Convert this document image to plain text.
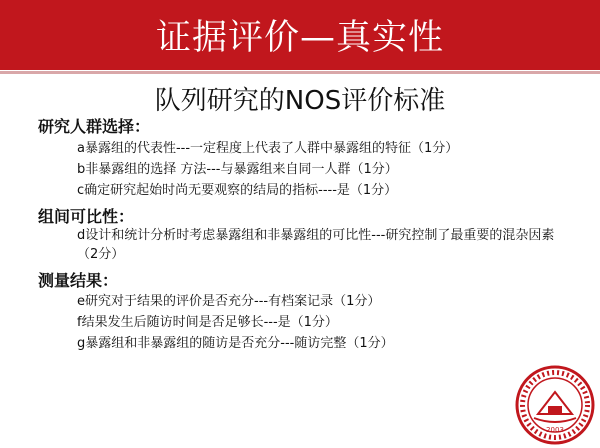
证据评价—真实性
队列研究的NOS评价标准
研究人群选择：
a暴露组的代表性---一定程度上代表了人群中暴露组的特征（1分）
b非暴露组的选择 方法---与暴露组来自同一人群（1分）
c确定研究起始时尚无要观察的结局的指标----是（1分）
组间可比性：
d设计和统计分析时考虑暴露组和非暴露组的可比性---研究控制了最重要的混杂因素（2分）
测量结果：
e研究对于结果的评价是否充分---有档案记录（1分）
f结果发生后随访时间是否足够长---是（1分）
g暴露组和非暴露组的随访是否充分---随访完整（1分）
2003
